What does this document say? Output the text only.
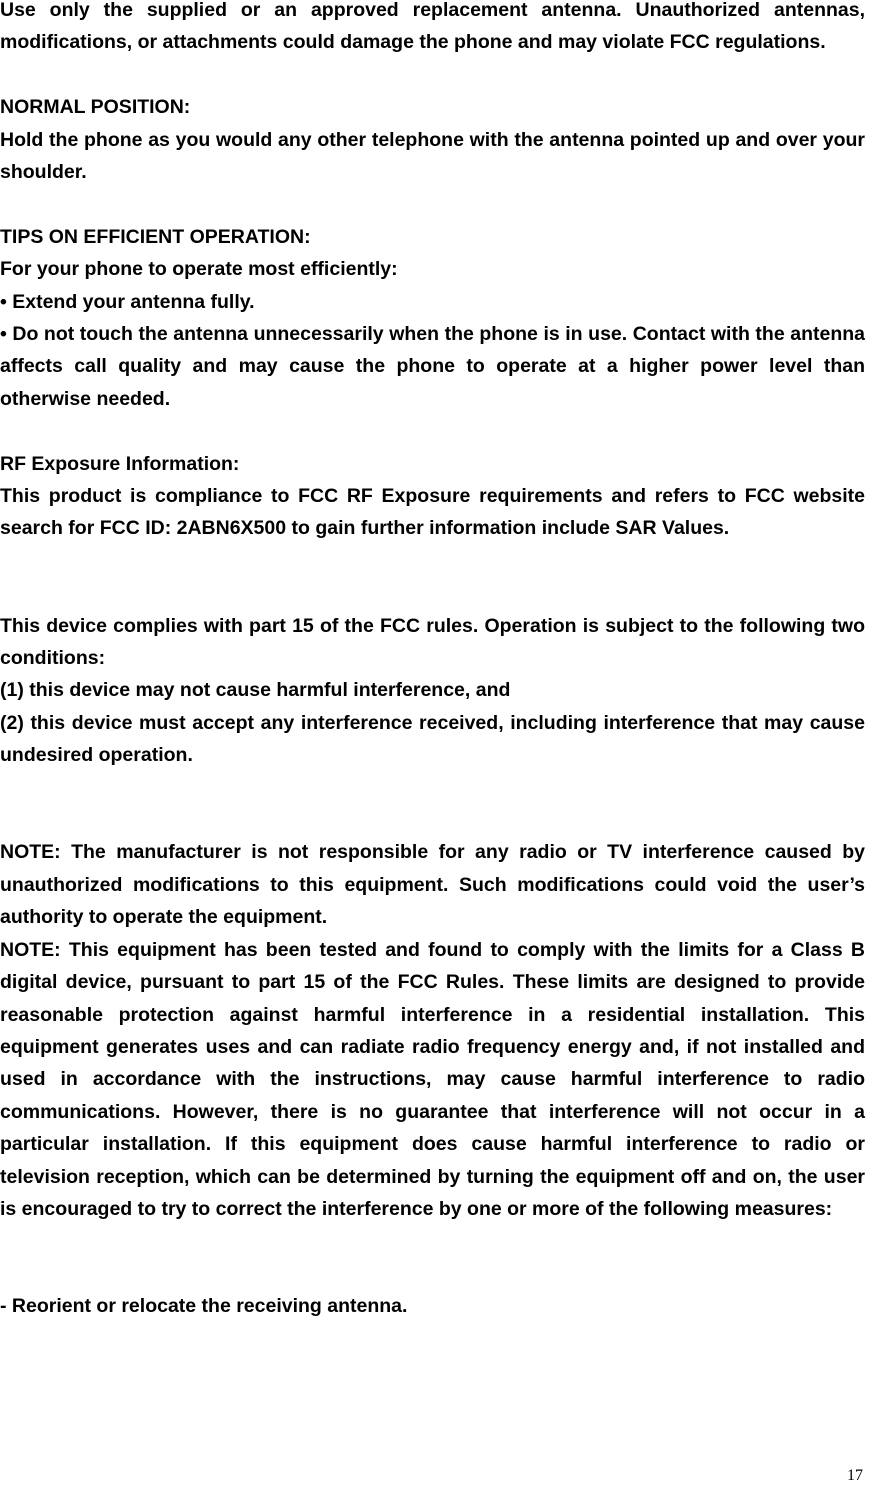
Use only the supplied or an approved replacement antenna. Unauthorized antennas, modifications, or attachments could damage the phone and may violate FCC regulations.

NORMAL POSITION:

Hold the phone as you would any other telephone with the antenna pointed up and over your shoulder.

TIPS ON EFFICIENT OPERATION:

For your phone to operate most efficiently:

• Extend your antenna fully.

• Do not touch the antenna unnecessarily when the phone is in use. Contact with the antenna affects call quality and may cause the phone to operate at a higher power level than otherwise needed.

RF Exposure Information:

This product is compliance to FCC RF Exposure requirements and refers to FCC website search for FCC ID: 2ABN6X500 to gain further information include SAR Values.

This device complies with part 15 of the FCC rules. Operation is subject to the following two conditions:

(1) this device may not cause harmful interference, and

(2) this device must accept any interference received, including interference that may cause undesired operation.

NOTE: The manufacturer is not responsible for any radio or TV interference caused by unauthorized modifications to this equipment. Such modifications could void the user’s authority to operate the equipment.

NOTE: This equipment has been tested and found to comply with the limits for a Class B digital device, pursuant to part 15 of the FCC Rules. These limits are designed to provide reasonable protection against harmful interference in a residential installation. This equipment generates uses and can radiate radio frequency energy and, if not installed and used in accordance with the instructions, may cause harmful interference to radio communications. However, there is no guarantee that interference will not occur in a particular installation. If this equipment does cause harmful interference to radio or television reception, which can be determined by turning the equipment off and on, the user is encouraged to try to correct the interference by one or more of the following measures:

- Reorient or relocate the receiving antenna.

17
